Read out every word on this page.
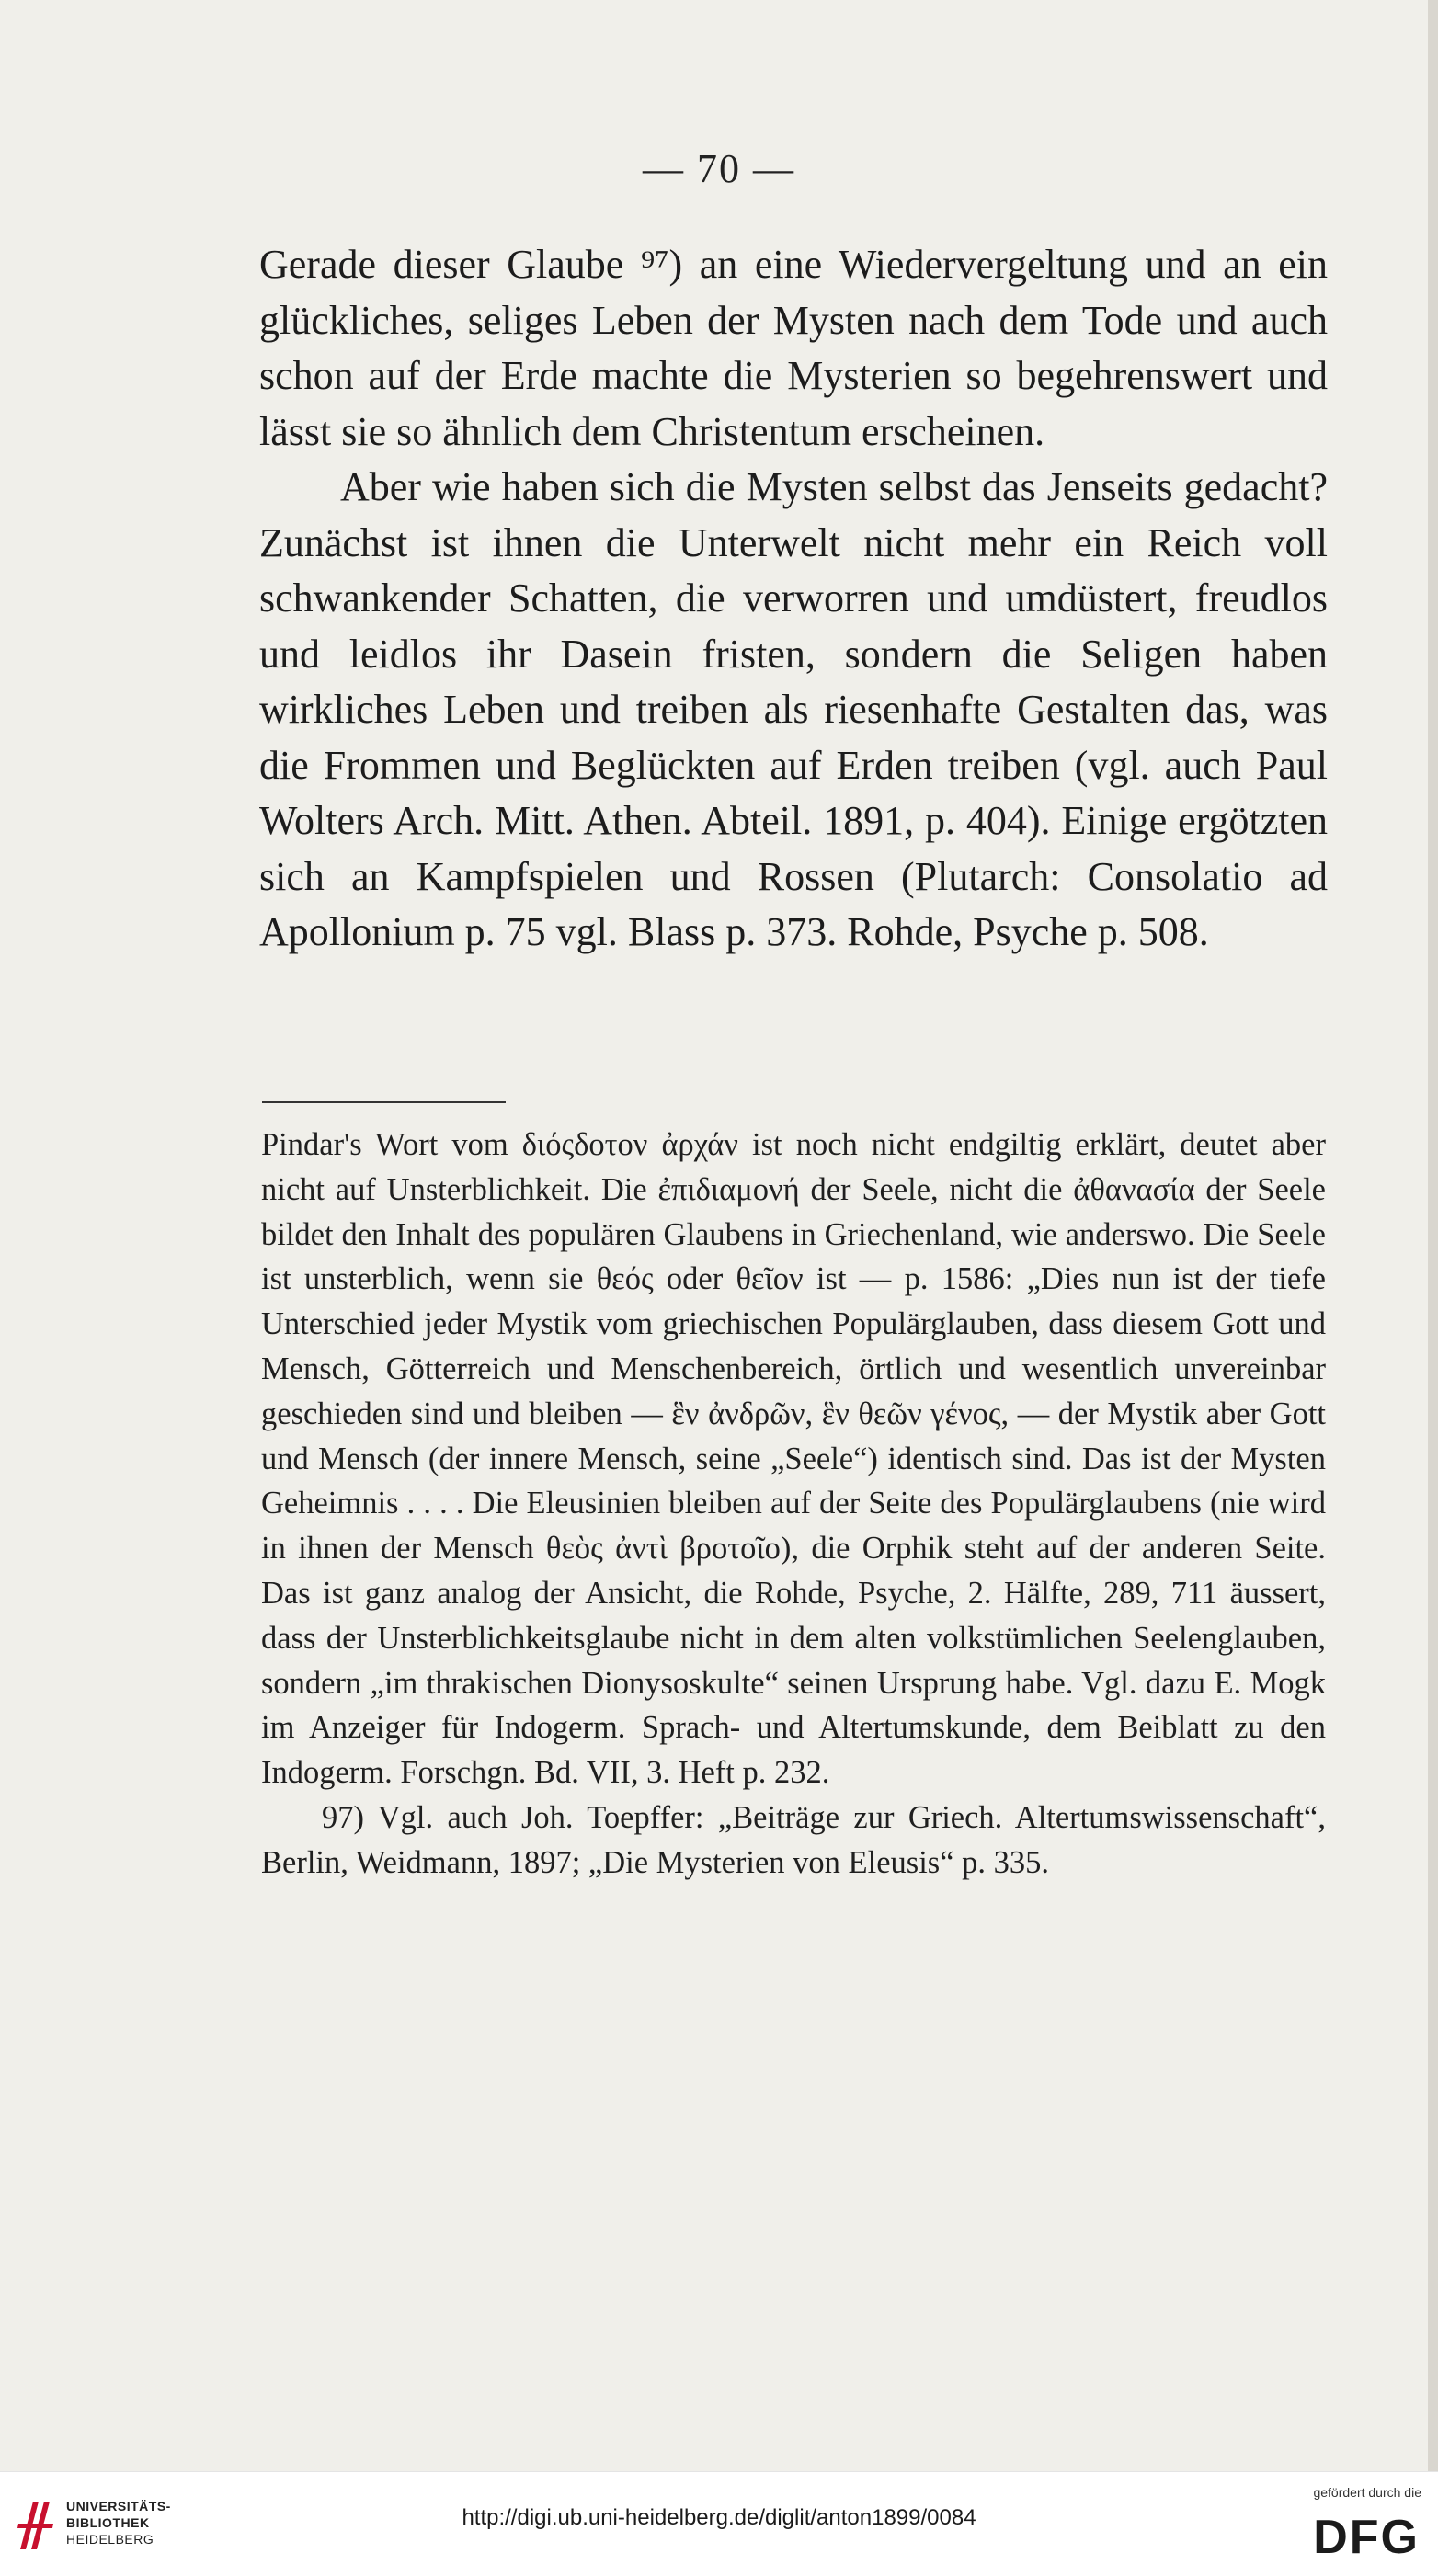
— 70 —

Gerade dieser Glaube ⁹⁷) an eine Wiedervergeltung und an ein glückliches, seliges Leben der Mysten nach dem Tode und auch schon auf der Erde machte die Mysterien so begehrenswert und lässt sie so ähnlich dem Christentum erscheinen.

Aber wie haben sich die Mysten selbst das Jenseits gedacht? Zunächst ist ihnen die Unterwelt nicht mehr ein Reich voll schwankender Schatten, die verworren und umdüstert, freudlos und leidlos ihr Dasein fristen, sondern die Seligen haben wirkliches Leben und treiben als riesenhafte Gestalten das, was die Frommen und Beglückten auf Erden treiben (vgl. auch Paul Wolters Arch. Mitt. Athen. Abteil. 1891, p. 404). Einige ergötzten sich an Kampfspielen und Rossen (Plutarch: Consolatio ad Apollonium p. 75 vgl. Blass p. 373. Rohde, Psyche p. 508.

Pindar's Wort vom διόςδοτον ἀρχάν ist noch nicht endgiltig erklärt, deutet aber nicht auf Unsterblichkeit. Die ἐπιδιαμονή der Seele, nicht die ἀθανασία der Seele bildet den Inhalt des populären Glaubens in Griechenland, wie anderswo. Die Seele ist unsterblich, wenn sie θεός oder θεῖον ist — p. 1586: „Dies nun ist der tiefe Unterschied jeder Mystik vom griechischen Populärglauben, dass diesem Gott und Mensch, Götterreich und Menschenbereich, örtlich und wesentlich unvereinbar geschieden sind und bleiben — ἓν ἀνδρῶν, ἓν θεῶν γένος, — der Mystik aber Gott und Mensch (der innere Mensch, seine „Seele“) identisch sind. Das ist der Mysten Geheimnis . . . . Die Eleusinien bleiben auf der Seite des Populärglaubens (nie wird in ihnen der Mensch θεὸς ἀντὶ βροτοῖο), die Orphik steht auf der anderen Seite. Das ist ganz analog der Ansicht, die Rohde, Psyche, 2. Hälfte, 289, 711 äussert, dass der Unsterblichkeitsglaube nicht in dem alten volkstümlichen Seelenglauben, sondern „im thrakischen Dionysoskulte“ seinen Ursprung habe. Vgl. dazu E. Mogk im Anzeiger für Indogerm. Sprach- und Altertumskunde, dem Beiblatt zu den Indogerm. Forschgn. Bd. VII, 3. Heft p. 232.

97) Vgl. auch Joh. Toepffer: „Beiträge zur Griech. Altertumswissenschaft“, Berlin, Weidmann, 1897; „Die Mysterien von Eleusis“ p. 335.

UNIVERSITÄTS-
BIBLIOTHEK
HEIDELBERG
http://digi.ub.uni-heidelberg.de/diglit/anton1899/0084
gefördert durch die
DFG
